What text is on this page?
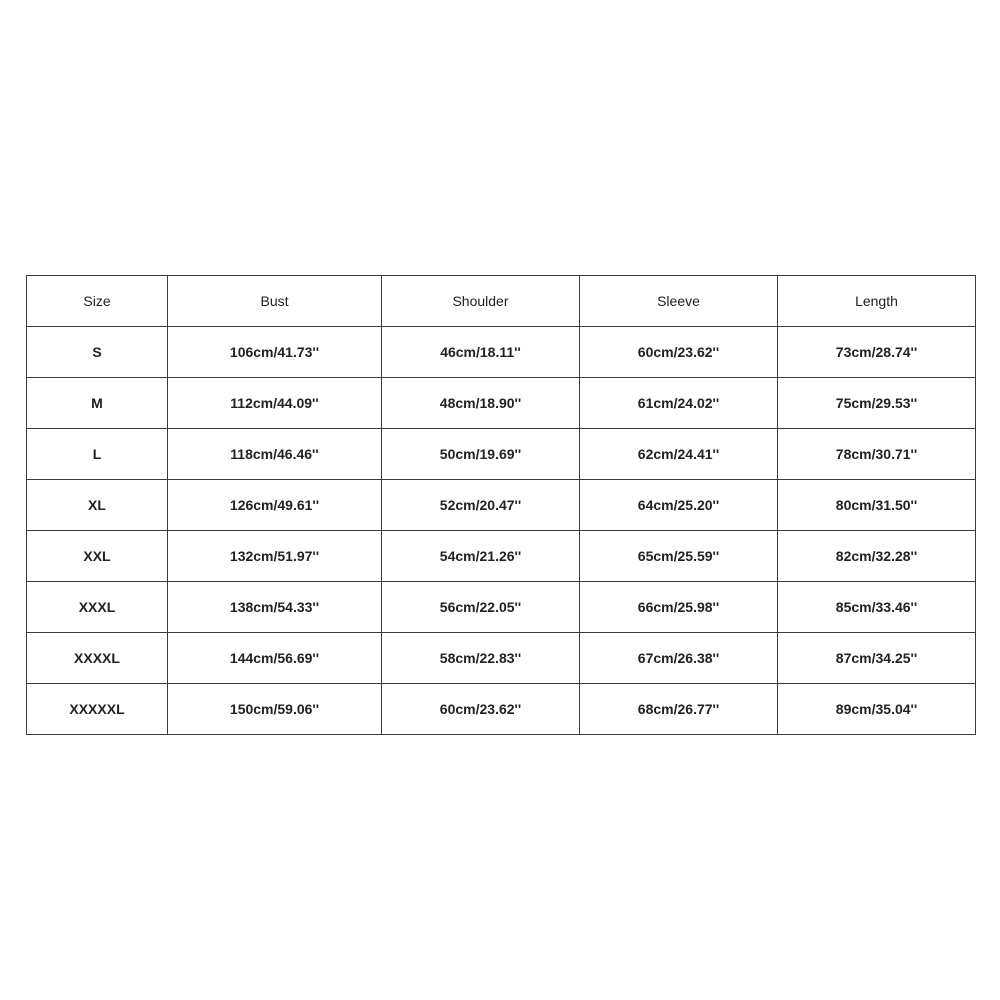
Size	Bust	Shoulder	Sleeve	Length
S	106cm/41.73''	46cm/18.11''	60cm/23.62''	73cm/28.74''
M	112cm/44.09''	48cm/18.90''	61cm/24.02''	75cm/29.53''
L	118cm/46.46''	50cm/19.69''	62cm/24.41''	78cm/30.71''
XL	126cm/49.61''	52cm/20.47''	64cm/25.20''	80cm/31.50''
XXL	132cm/51.97''	54cm/21.26''	65cm/25.59''	82cm/32.28''
XXXL	138cm/54.33''	56cm/22.05''	66cm/25.98''	85cm/33.46''
XXXXL	144cm/56.69''	58cm/22.83''	67cm/26.38''	87cm/34.25''
XXXXXL	150cm/59.06''	60cm/23.62''	68cm/26.77''	89cm/35.04''
